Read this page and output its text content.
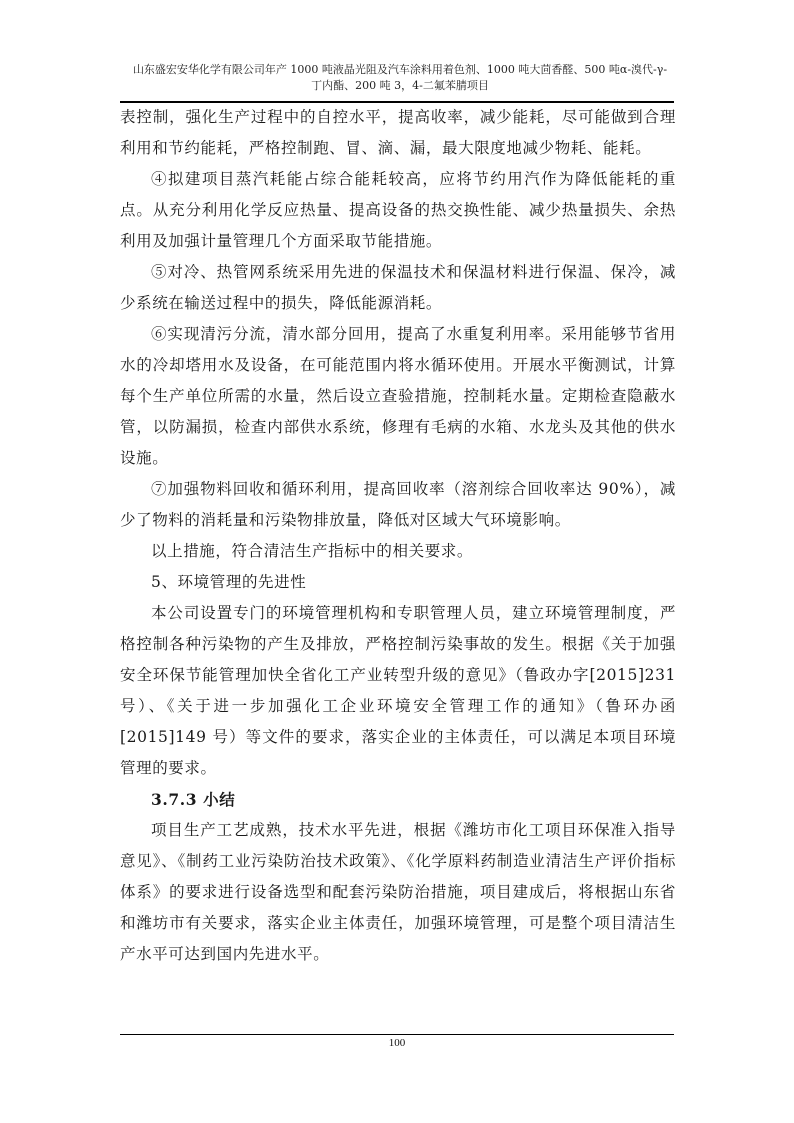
山东盛宏安华化学有限公司年产 1000 吨液晶光阻及汽车涂料用着色剂、1000 吨大茴香醛、500 吨α-溴代-γ-
丁内酯、200 吨 3，4-二氟苯腈项目

表控制，强化生产过程中的自控水平，提高收率，减少能耗，尽可能做到合理利用和节约能耗，严格控制跑、冒、滴、漏，最大限度地减少物耗、能耗。

④拟建项目蒸汽耗能占综合能耗较高，应将节约用汽作为降低能耗的重点。从充分利用化学反应热量、提高设备的热交换性能、减少热量损失、余热利用及加强计量管理几个方面采取节能措施。

⑤对冷、热管网系统采用先进的保温技术和保温材料进行保温、保冷，减少系统在输送过程中的损失，降低能源消耗。

⑥实现清污分流，清水部分回用，提高了水重复利用率。采用能够节省用水的冷却塔用水及设备，在可能范围内将水循环使用。开展水平衡测试，计算每个生产单位所需的水量，然后设立查验措施，控制耗水量。定期检查隐蔽水管，以防漏损，检查内部供水系统，修理有毛病的水箱、水龙头及其他的供水设施。

⑦加强物料回收和循环利用，提高回收率（溶剂综合回收率达 90%），减少了物料的消耗量和污染物排放量，降低对区域大气环境影响。

以上措施，符合清洁生产指标中的相关要求。

5、环境管理的先进性

本公司设置专门的环境管理机构和专职管理人员，建立环境管理制度，严格控制各种污染物的产生及排放，严格控制污染事故的发生。根据《关于加强安全环保节能管理加快全省化工产业转型升级的意见》（鲁政办字[2015]231 号）、《关于进一步加强化工企业环境安全管理工作的通知》（鲁环办函[2015]149 号）等文件的要求，落实企业的主体责任，可以满足本项目环境管理的要求。

3.7.3 小结

项目生产工艺成熟，技术水平先进，根据《潍坊市化工项目环保准入指导意见》、《制药工业污染防治技术政策》、《化学原料药制造业清洁生产评价指标体系》的要求进行设备选型和配套污染防治措施，项目建成后，将根据山东省和潍坊市有关要求，落实企业主体责任，加强环境管理，可是整个项目清洁生产水平可达到国内先进水平。

100
